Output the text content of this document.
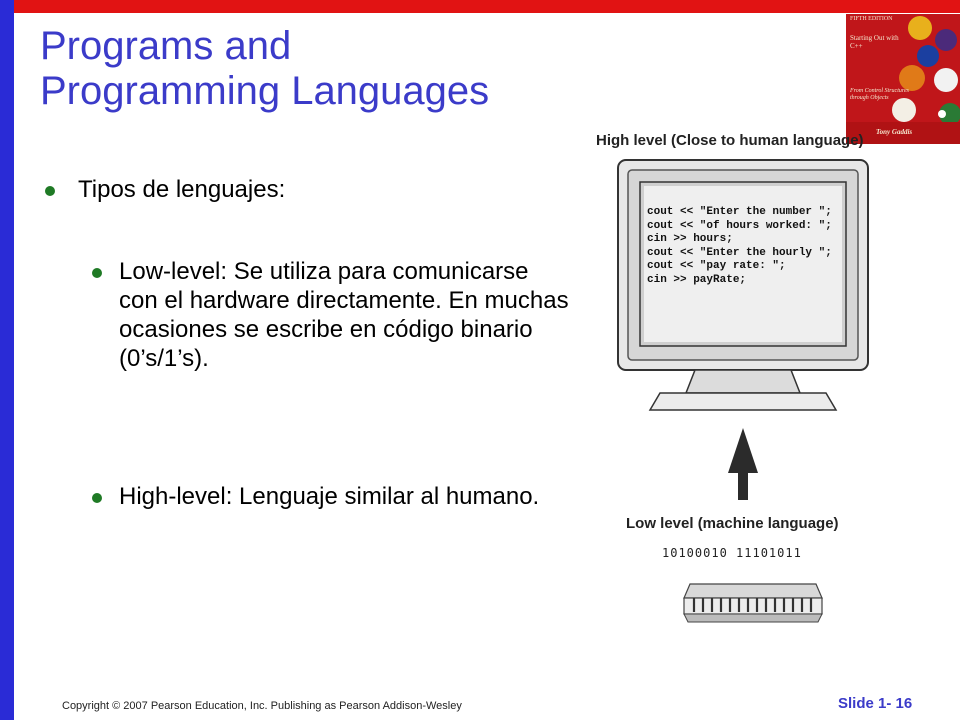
Programs and
Programming Languages
Tipos de lenguajes:
Low-level: Se utiliza para comunicarse con el hardware directamente. En muchas ocasiones se escribe en código binario (0’s/1’s).
High-level: Lenguaje similar al humano.
FIFTH EDITION
Starting Out with C++
From Control Structures through Objects
Tony Gaddis
High level (Close to human language)
cout << "Enter the number ";
cout << "of hours worked: ";
cin >> hours;
cout << "Enter the hourly ";
cout << "pay rate: ";
cin >> payRate;
Low level (machine language)
10100010 11101011
Copyright © 2007 Pearson Education, Inc. Publishing as Pearson Addison-Wesley	Slide 1- 16
